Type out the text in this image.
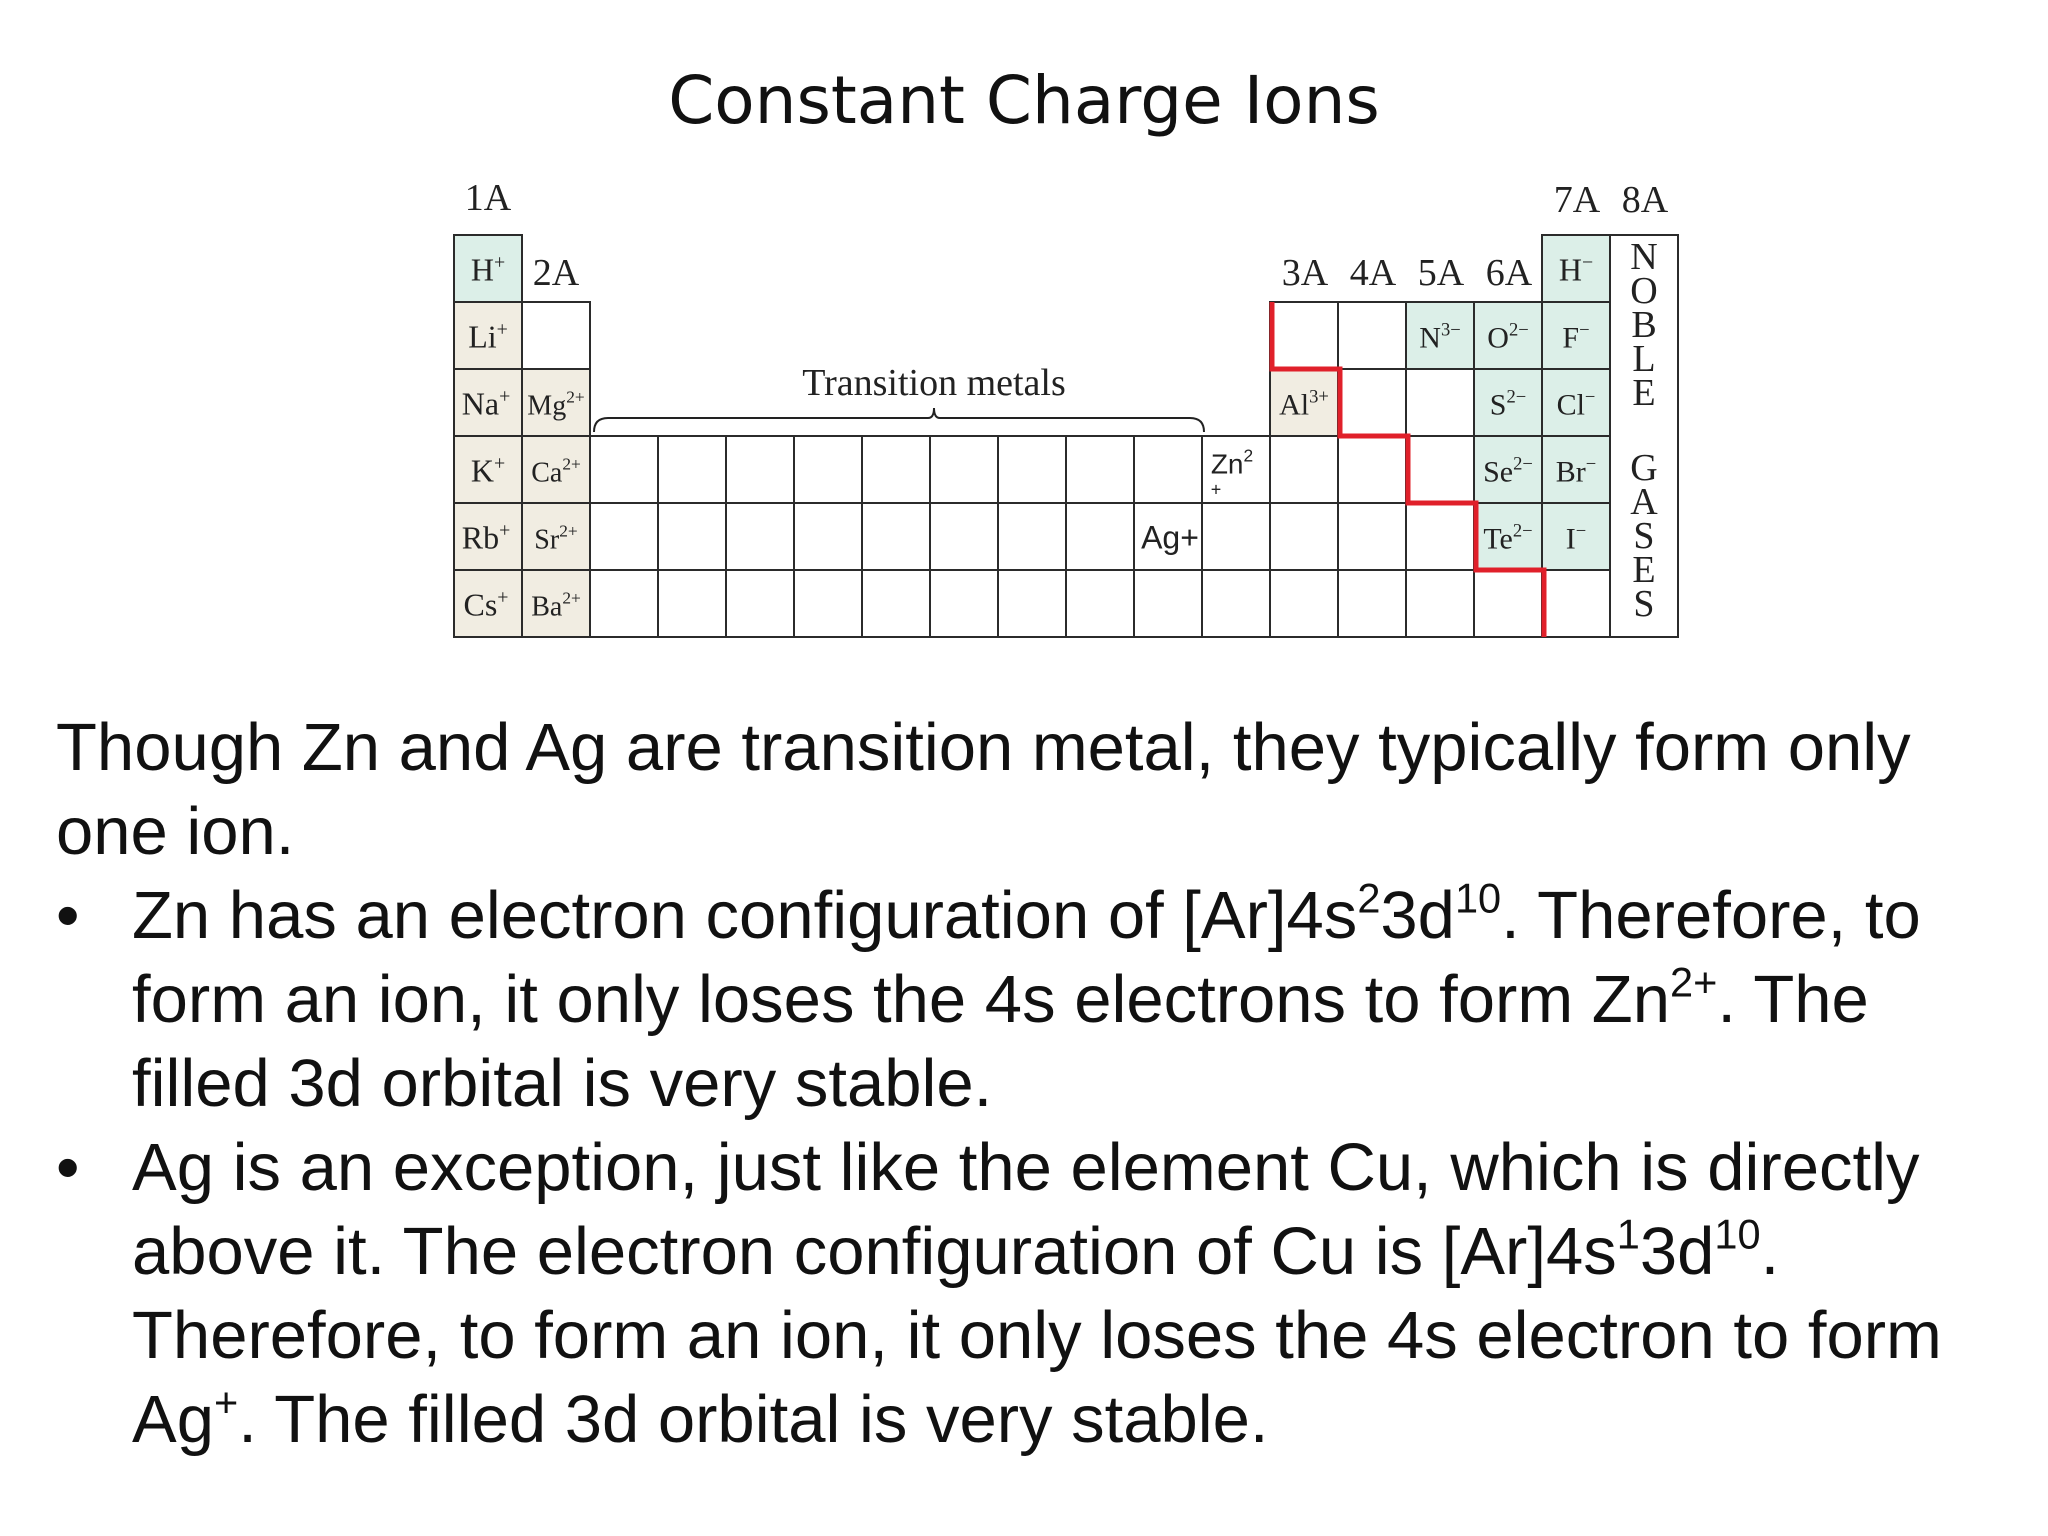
Constant Charge Ions
1A
2A	3A 4A 5A 6A
7A 8A
Transition metals
N
O
B
L
E
G
A
S
E
S
H+	H−
Li+
Na+
K+
Rb+
Cs+
$Mg^{2+}$
$Ca^{2+}$
$Sr^{2+}$
$Ba^{2+}$
$Al^{3+}$
$N^{3-}$ $O^{2-}$
$S^{2-}$
$Se^{2-}$
$Te^{2-}$
F−
Cl−
Br−
I−
$Zn^2$
+
Ag+

Though Zn and Ag are transition metal, they typically form only one ion.

• Zn has an electron configuration of $[Ar]4s^23d^{10}$. Therefore, to form an ion, it only loses the 4s electrons to form $Zn^{2+}$. The filled 3d orbital is very stable.
• Ag is an exception, just like the element Cu, which is directly above it. The electron configuration of Cu is $[Ar]4s^13d^{10}$. Therefore, to form an ion, it only loses the 4s electron to form Ag+. The filled 3d orbital is very stable.
